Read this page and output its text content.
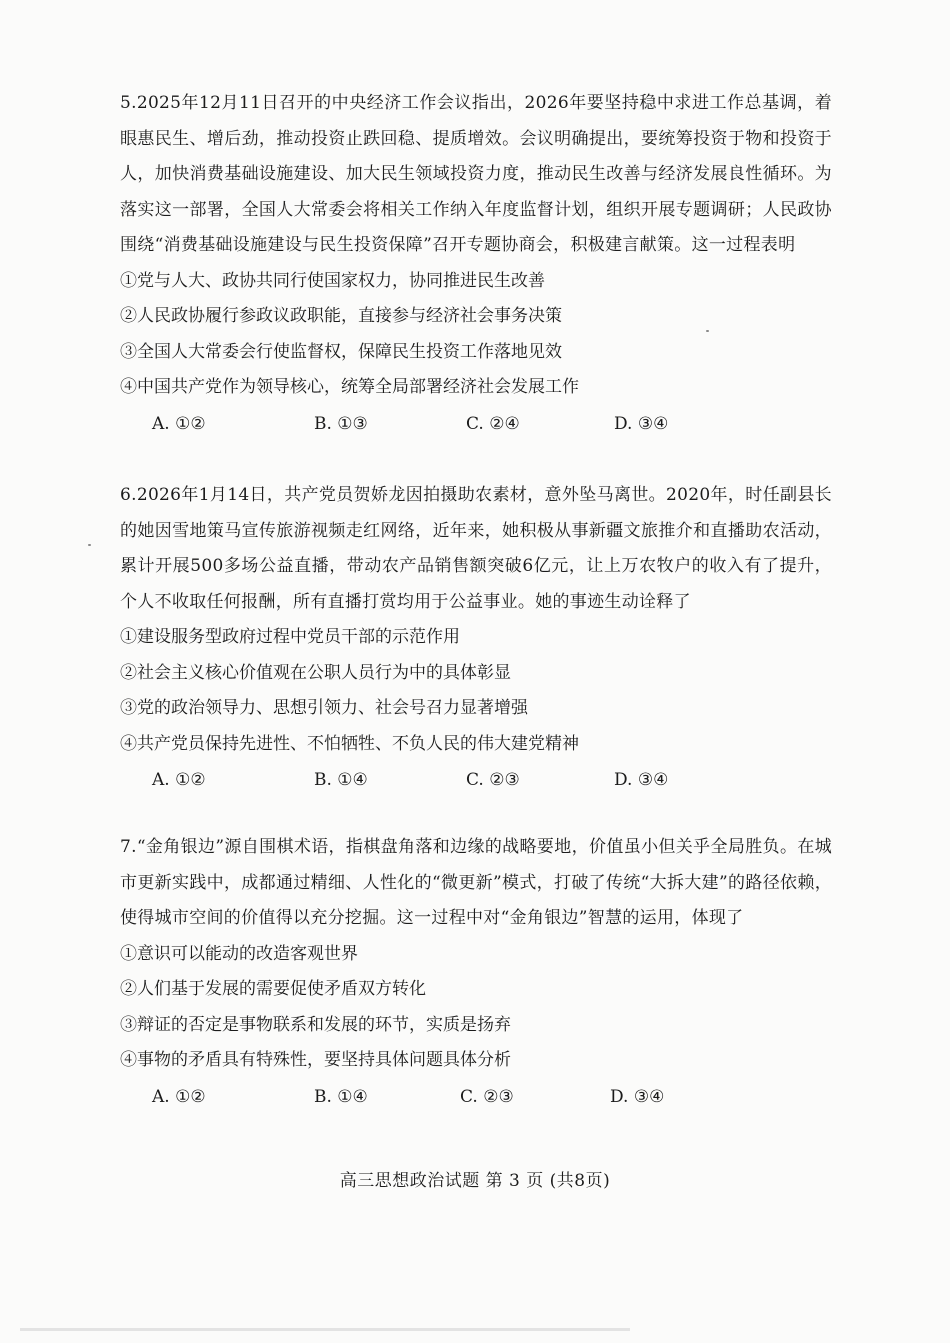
5.2025年12月11日召开的中央经济工作会议指出，2026年要坚持稳中求进工作总基调，着眼惠民生、增后劲，推动投资止跌回稳、提质增效。会议明确提出，要统筹投资于物和投资于人，加快消费基础设施建设、加大民生领域投资力度，推动民生改善与经济发展良性循环。为落实这一部署，全国人大常委会将相关工作纳入年度监督计划，组织开展专题调研；人民政协围绕“消费基础设施建设与民生投资保障”召开专题协商会，积极建言献策。这一过程表明

①党与人大、政协共同行使国家权力，协同推进民生改善

②人民政协履行参政议政职能，直接参与经济社会事务决策

③全国人大常委会行使监督权，保障民生投资工作落地见效

④中国共产党作为领导核心，统筹全局部署经济社会发展工作

A. ①②	B. ①③	C. ②④	D. ③④

6.2026年1月14日，共产党员贺娇龙因拍摄助农素材，意外坠马离世。2020年，时任副县长的她因雪地策马宣传旅游视频走红网络，近年来，她积极从事新疆文旅推介和直播助农活动，累计开展500多场公益直播，带动农产品销售额突破6亿元，让上万农牧户的收入有了提升，个人不收取任何报酬，所有直播打赏均用于公益事业。她的事迹生动诠释了

①建设服务型政府过程中党员干部的示范作用

②社会主义核心价值观在公职人员行为中的具体彰显

③党的政治领导力、思想引领力、社会号召力显著增强

④共产党员保持先进性、不怕牺牲、不负人民的伟大建党精神

A. ①②	B. ①④	C. ②③	D. ③④

7.“金角银边”源自围棋术语，指棋盘角落和边缘的战略要地，价值虽小但关乎全局胜负。在城市更新实践中，成都通过精细、人性化的“微更新”模式，打破了传统“大拆大建”的路径依赖，使得城市空间的价值得以充分挖掘。这一过程中对“金角银边”智慧的运用，体现了

①意识可以能动的改造客观世界

②人们基于发展的需要促使矛盾双方转化

③辩证的否定是事物联系和发展的环节，实质是扬弃

④事物的矛盾具有特殊性，要坚持具体问题具体分析

A. ①②	B. ①④	C. ②③	D. ③④
高三思想政治试题 第 3 页 (共8页)
